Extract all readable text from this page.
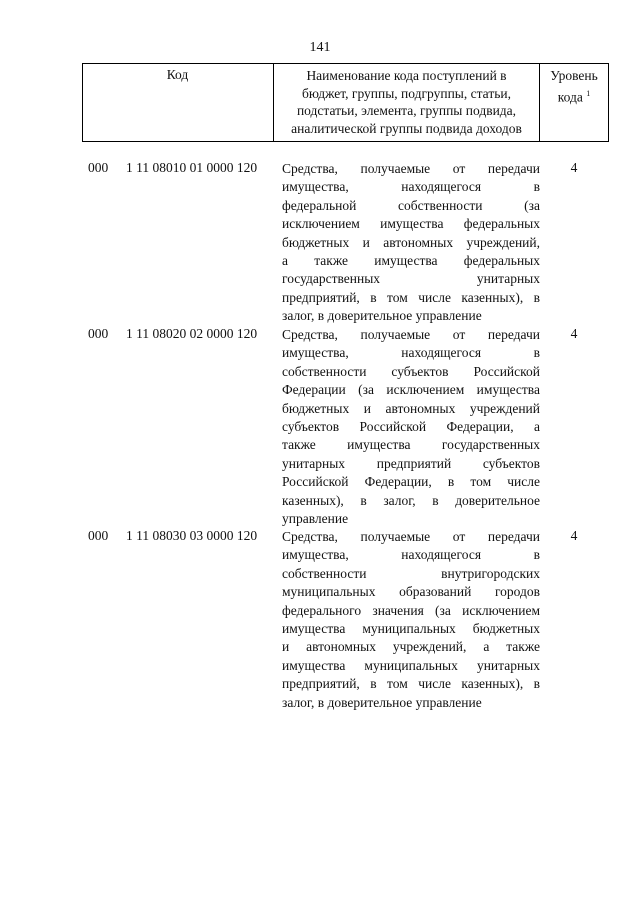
141
Код	Наименование кода поступлений в
бюджет, группы, подгруппы, статьи,
подстатьи, элемента, группы подвида,
аналитической группы подвида доходов
Уровень
кода $^1$
000 1 11 08010 01 0000 120 Средства, получаемые от передачи
имущества, находящегося в
федеральной собственности (за
исключением имущества федеральных
бюджетных и автономных учреждений,
а также имущества федеральных
государственных унитарных
предприятий, в том числе казенных), в
залог, в доверительное управление
4
000 1 11 08020 02 0000 120 Средства, получаемые от передачи
имущества, находящегося в
собственности субъектов Российской
Федерации (за исключением имущества
бюджетных и автономных учреждений
субъектов Российской Федерации, а
также имущества государственных
унитарных предприятий субъектов
Российской Федерации, в том числе
казенных), в залог, в доверительное
управление
4
000 1 11 08030 03 0000 120 Средства, получаемые от передачи
имущества, находящегося в
собственности внутригородских
муниципальных образований городов
федерального значения (за исключением
имущества муниципальных бюджетных
и автономных учреждений, а также
имущества муниципальных унитарных
предприятий, в том числе казенных), в
залог, в доверительное управление
4
